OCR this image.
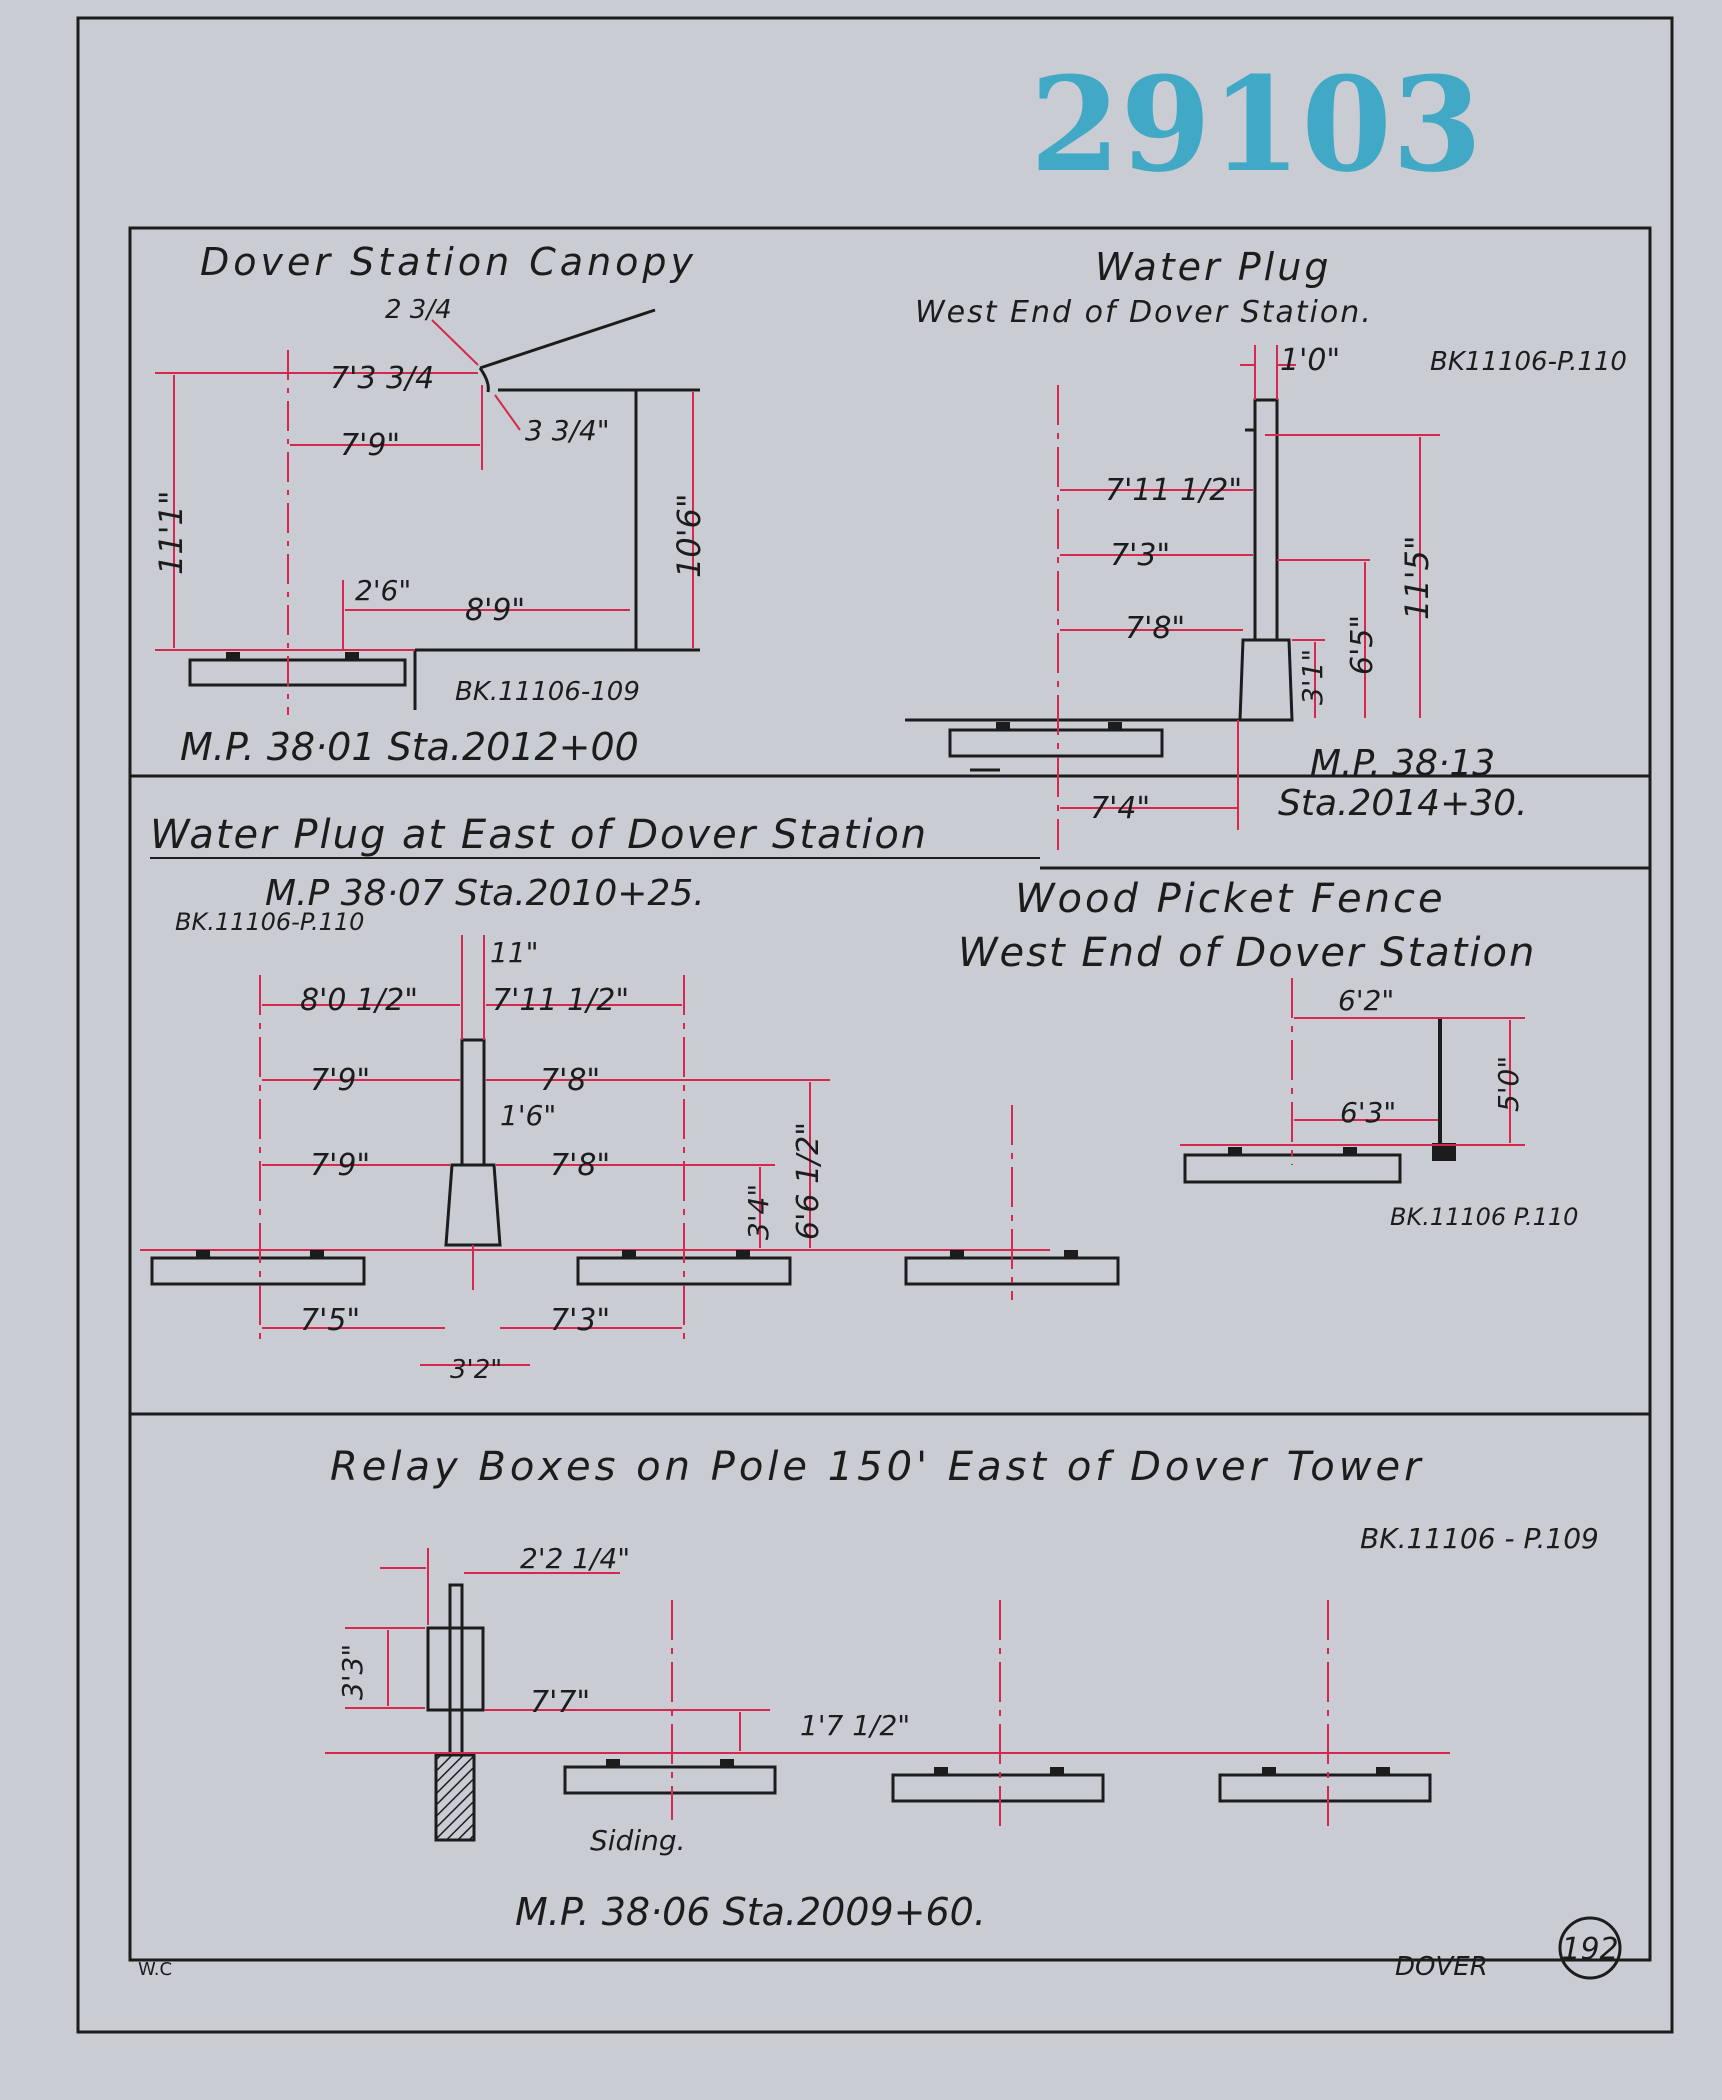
29103
Dover Station Canopy
2 3/4
7'3 3/4
7'9"	3 3/4"
11'1"	10'6"
2'6"
8'9"
BK.11106-109
M.P. 38·01 Sta.2012+00
Water Plug
West End of Dover Station.
BK11106-P.110
1'0"
7'11 1/2"
7'3"
7'8"
11'5"
6'5"
3'1"
7'4"
M.P. 38·13
Sta.2014+30.
Water Plug at East of Dover Station
M.P 38·07 Sta.2010+25.
BK.11106-P.110
11"
8'0 1/2" 7'11 1/2"
7'9"	7'8"
1'6"
7'9"	7'8"	6'6 1/2"
3'4"
7'5"	7'3"
3'2"
Wood Picket Fence
West End of Dover Station
6'2"
5'0"
6'3"
BK.11106 P.110
Relay Boxes on Pole 150' East of Dover Tower
BK.11106 - P.109
2'2 1/4"
3'3"
7'7"
1'7 1/2"
Siding.
M.P. 38·06 Sta.2009+60.
W.C	DOVER 192
